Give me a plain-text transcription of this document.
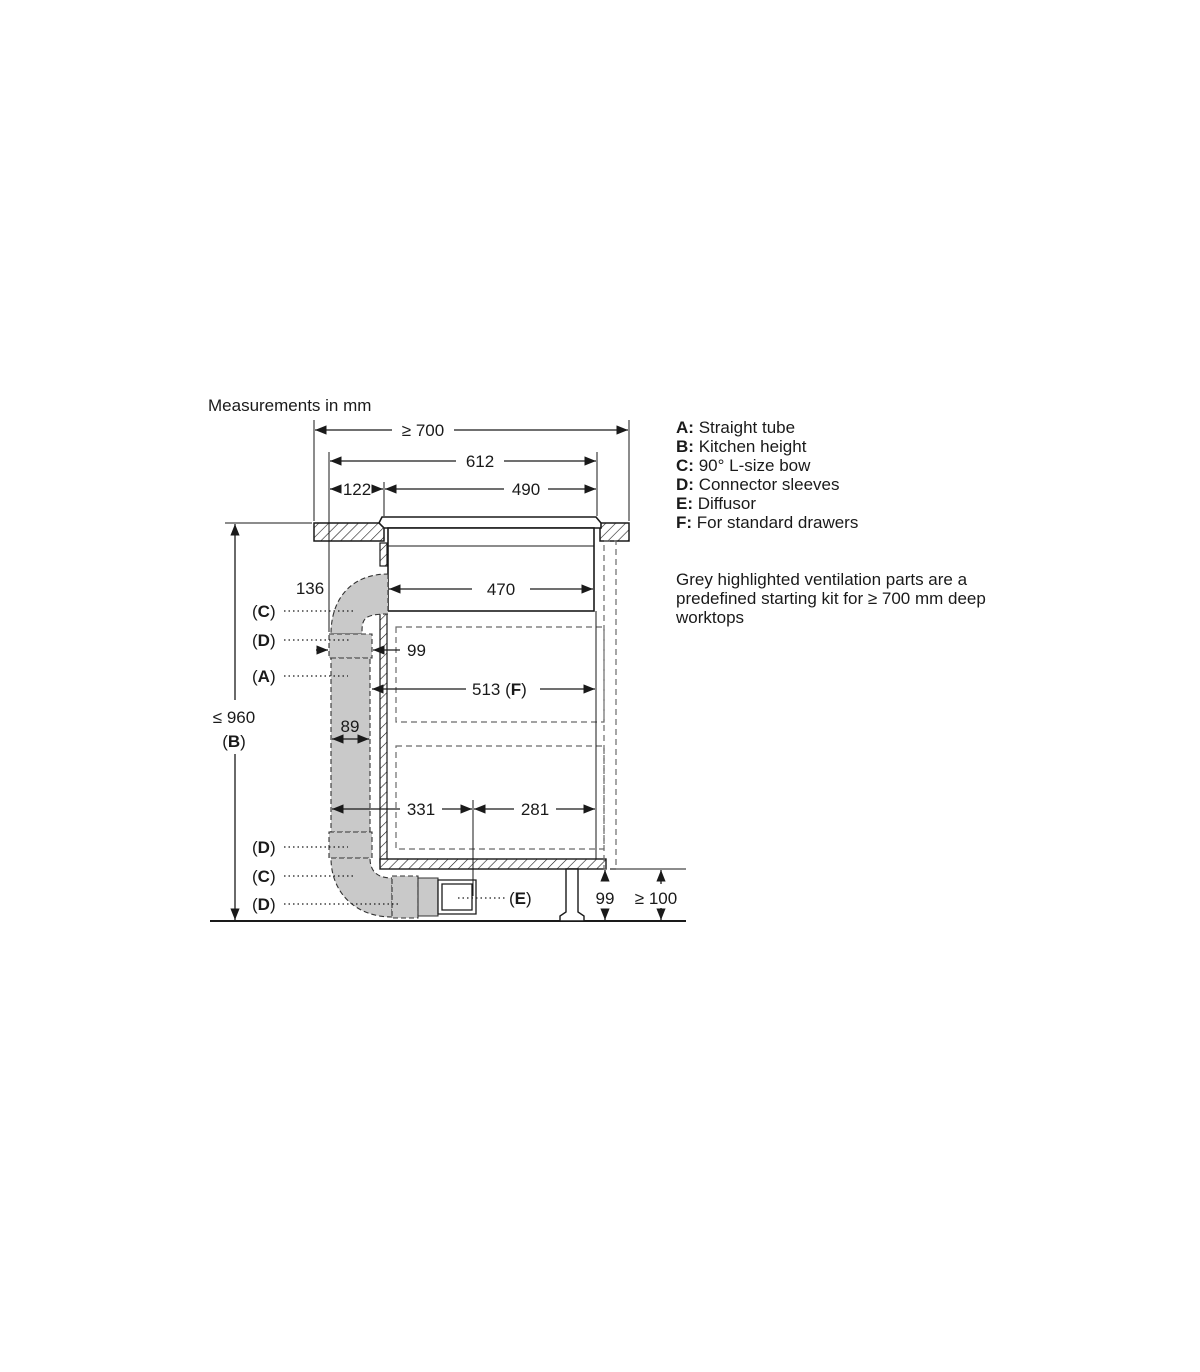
Measurements in mm
A: Straight tube
B: Kitchen height
C: 90° L-size bow
D: Connector sleeves
E: Diffusor
F: For standard drawers
Grey highlighted ventilation parts are a predefined starting kit for ≥ 700 mm deep worktops
≥ 700
612
122	490
136	470
99
513 (F)
89
331	281
99 ≥ 100
≤ 960
(B)
(C)
(D)
(A)
(D)
(C)
(D)	(E)
